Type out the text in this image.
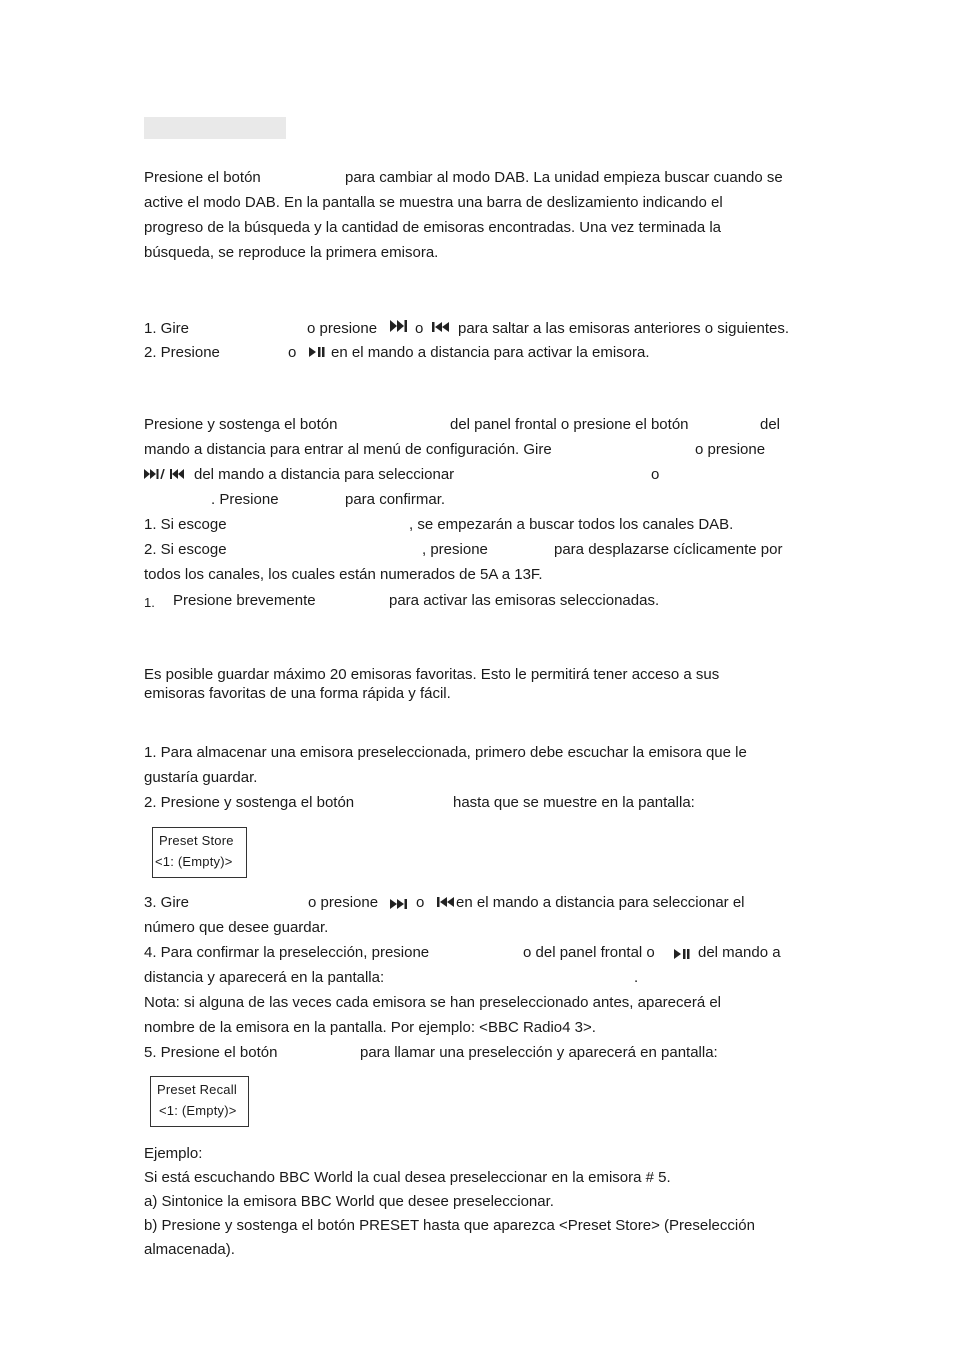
Presione el botón	para cambiar al modo DAB. La unidad empieza buscar cuando se
active el modo DAB. En la pantalla se muestra una barra de deslizamiento indicando el
progreso de la búsqueda y la cantidad de emisoras encontradas. Una vez terminada la
búsqueda, se reproduce la primera emisora.
1. Gire	o presione	o para saltar a las emisoras anteriores o siguientes.
2. Presione	o en el mando a distancia para activar la emisora.
Presione y sostenga el botón	del panel frontal o presione el botón	del
mando a distancia para entrar al menú de configuración. Gire	o presione
del mando a distancia para seleccionar	o
. Presione	para confirmar.
1. Si escoge	, se empezarán a buscar todos los canales DAB.
2. Si escoge	, presione	para desplazarse cíclicamente por
todos los canales, los cuales están numerados de 5A a 13F.
1. Presione brevemente	para activar las emisoras seleccionadas.
Es posible guardar máximo 20 emisoras favoritas. Esto le permitirá tener acceso a sus
emisoras favoritas de una forma rápida y fácil.
1. Para almacenar una emisora preseleccionada, primero debe escuchar la emisora que le
gustaría guardar.
2. Presione y sostenga el botón	hasta que se muestre en la pantalla:
Preset Store
<1: (Empty)>
3. Gire	o presione	o en el mando a distancia para seleccionar el
número que desee guardar.
4. Para confirmar la preselección, presione	o del panel frontal o	del mando a
distancia y aparecerá en la pantalla:	.
Nota: si alguna de las veces cada emisora se han preseleccionado antes, aparecerá el
nombre de la emisora en la pantalla. Por ejemplo: <BBC Radio4 3>.
5. Presione el botón	para llamar una preselección y aparecerá en pantalla:
Preset Recall
<1: (Empty)>
Ejemplo:
Si está escuchando BBC World la cual desea preseleccionar en la emisora # 5.
a) Sintonice la emisora BBC World que desee preseleccionar.
b) Presione y sostenga el botón PRESET hasta que aparezca <Preset Store> (Preselección
almacenada).
